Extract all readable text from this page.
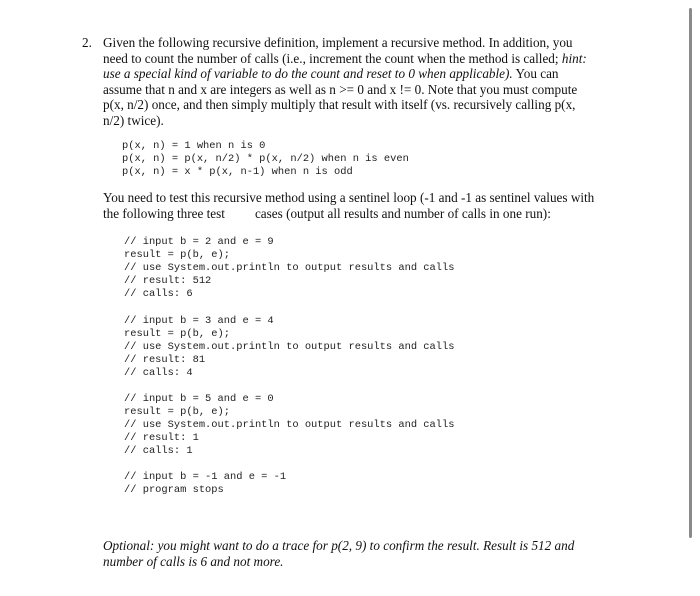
2. Given the following recursive definition, implement a recursive method. In addition, you need to count the number of calls (i.e., increment the count when the method is called; hint: use a special kind of variable to do the count and reset to 0 when applicable). You can assume that n and x are integers as well as n >= 0 and x != 0. Note that you must compute p(x, n/2) once, and then simply multiply that result with itself (vs. recursively calling p(x, n/2) twice).
p(x, n) = 1 when n is 0
p(x, n) = p(x, n/2) * p(x, n/2) when n is even
p(x, n) = x * p(x, n-1) when n is odd
You need to test this recursive method using a sentinel loop (-1 and -1 as sentinel values with the following three test cases (output all results and number of calls in one run):
// input b = 2 and e = 9
result = p(b, e);
// use System.out.println to output results and calls
// result: 512
// calls: 6
// input b = 3 and e = 4
result = p(b, e);
// use System.out.println to output results and calls
// result: 81
// calls: 4
// input b = 5 and e = 0
result = p(b, e);
// use System.out.println to output results and calls
// result: 1
// calls: 1
// input b = -1 and e = -1
// program stops
Optional: you might want to do a trace for p(2, 9) to confirm the result. Result is 512 and number of calls is 6 and not more.
